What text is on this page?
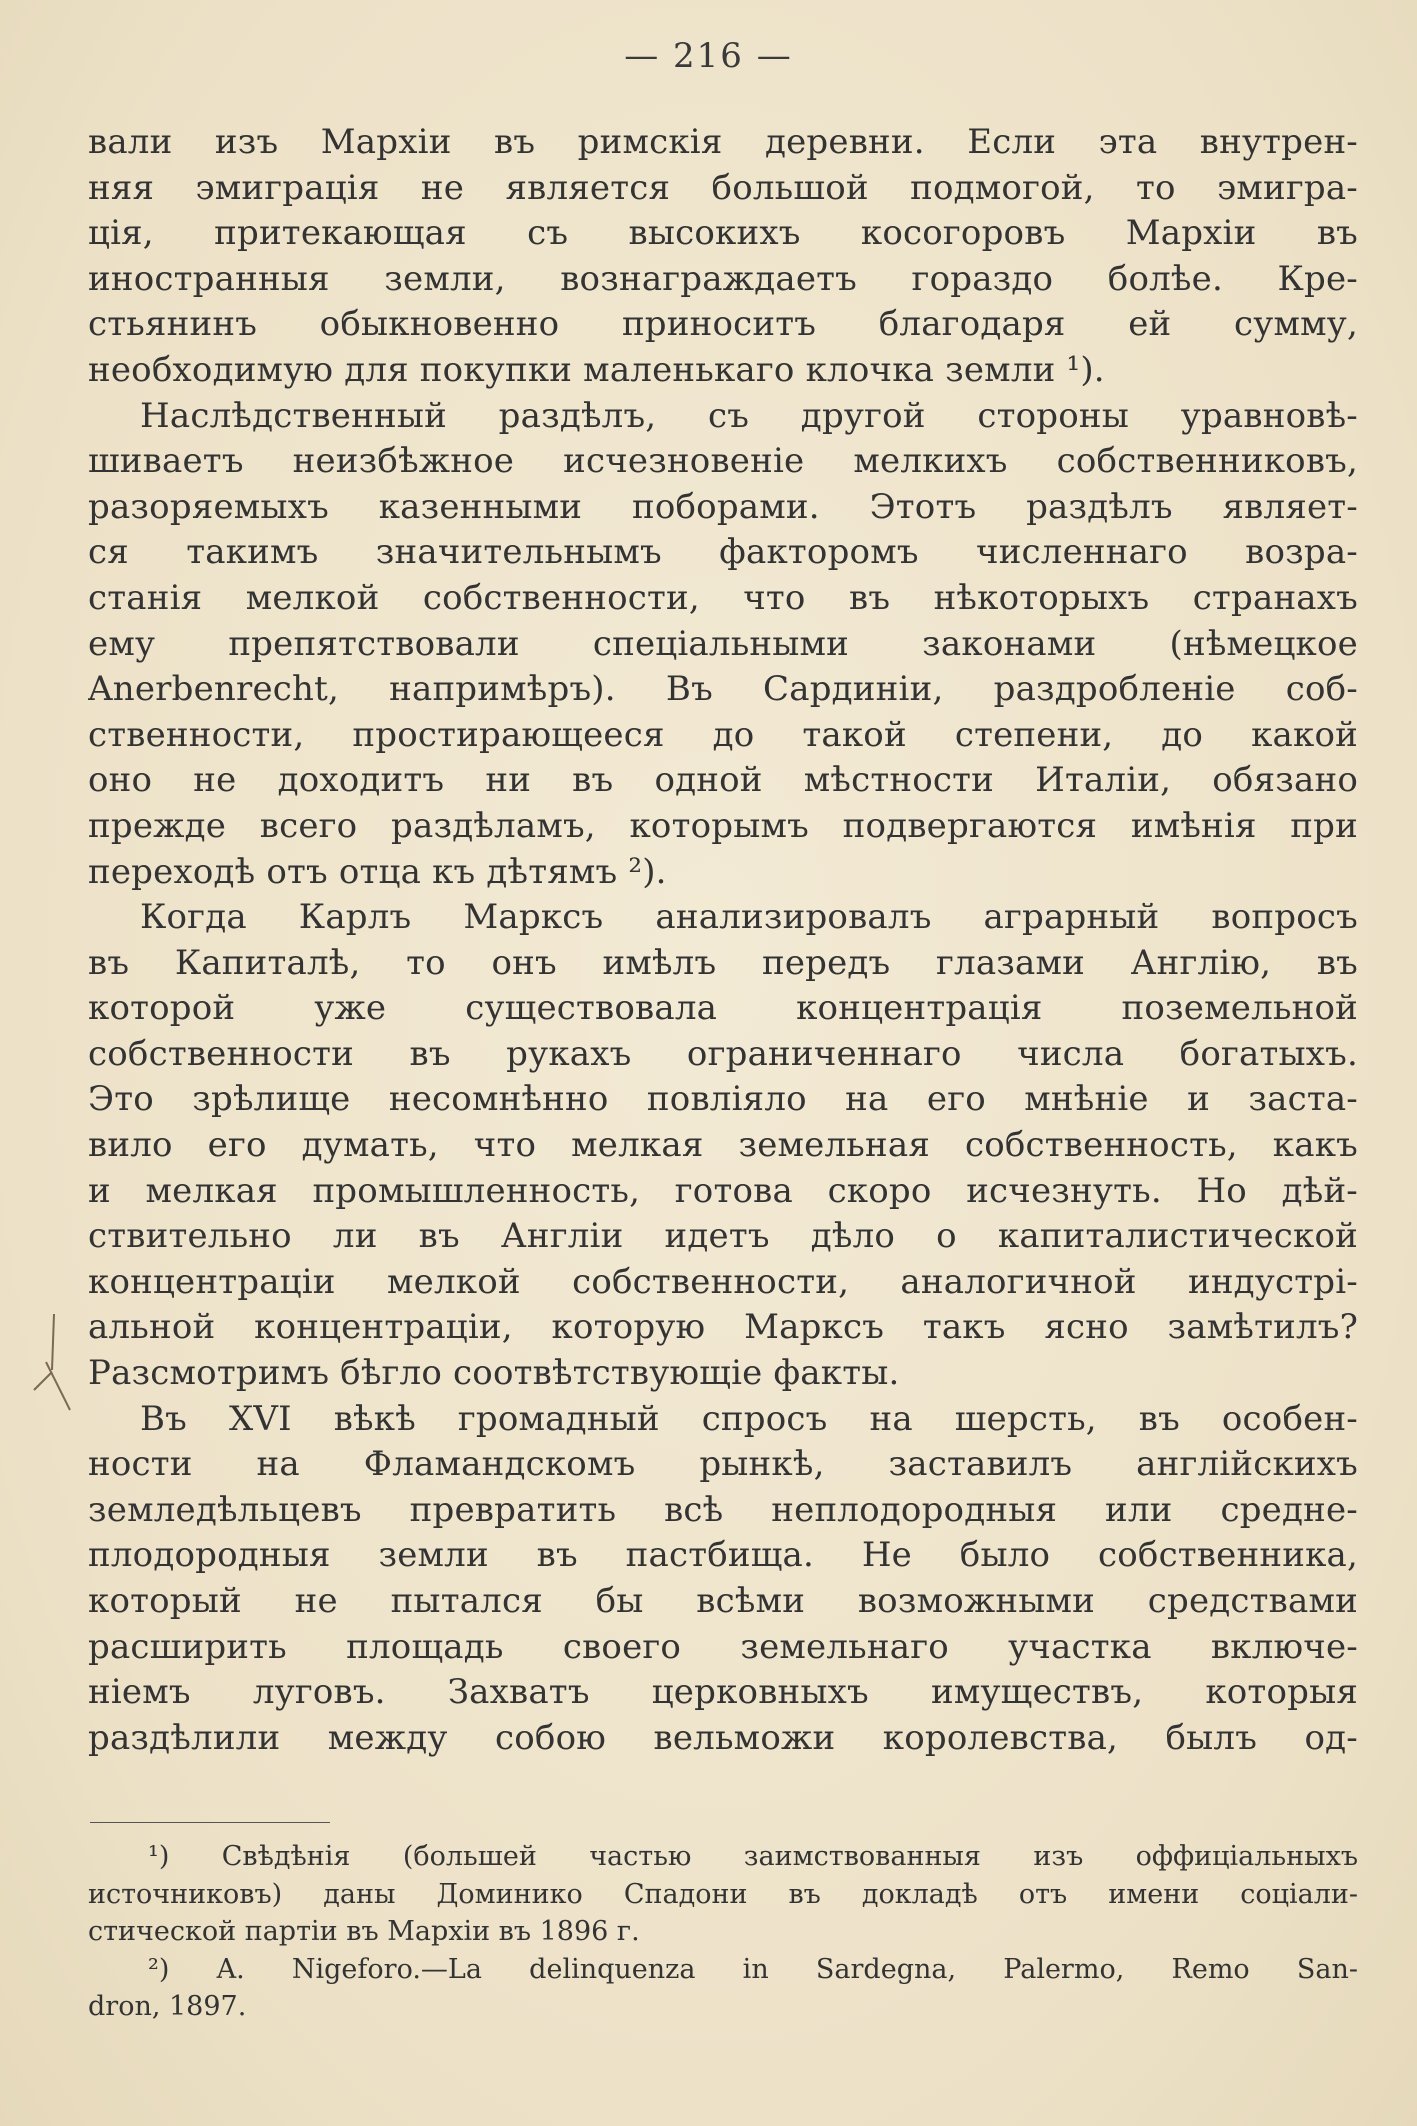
— 216 —
вали изъ Мархіи въ римскія деревни. Если эта внутрен-
няя эмиграція не является большой подмогой, то эмигра-
ція, притекающая съ высокихъ косогоровъ Мархіи въ
иностранныя земли, вознаграждаетъ гораздо болѣе. Кре-
стьянинъ обыкновенно приноситъ благодаря ей сумму,
необходимую для покупки маленькаго клочка земли ¹).
Наслѣдственный раздѣлъ, съ другой стороны уравновѣ-
шиваетъ неизбѣжное исчезновеніе мелкихъ собственниковъ,
разоряемыхъ казенными поборами. Этотъ раздѣлъ являет-
ся такимъ значительнымъ факторомъ численнаго возра-
станія мелкой собственности, что въ нѣкоторыхъ странахъ
ему препятствовали спеціальными законами (нѣмецкое
Anerbenrecht, напримѣръ). Въ Сардиніи, раздробленіе соб-
ственности, простирающееся до такой степени, до какой
оно не доходитъ ни въ одной мѣстности Италіи, обязано
прежде всего раздѣламъ, которымъ подвергаются имѣнія при
переходѣ отъ отца къ дѣтямъ ²).
Когда Карлъ Марксъ анализировалъ аграрный вопросъ
въ Капиталѣ, то онъ имѣлъ передъ глазами Англію, въ
которой уже существовала концентрація поземельной
собственности въ рукахъ ограниченнаго числа богатыхъ.
Это зрѣлище несомнѣнно повліяло на его мнѣніе и заста-
вило его думать, что мелкая земельная собственность, какъ
и мелкая промышленность, готова скоро исчезнуть. Но дѣй-
ствительно ли въ Англіи идетъ дѣло о капиталистической
концентраціи мелкой собственности, аналогичной индустрі-
альной концентраціи, которую Марксъ такъ ясно замѣтилъ?
Разсмотримъ бѣгло соотвѣтствующіе факты.
Въ XVI вѣкѣ громадный спросъ на шерсть, въ особен-
ности на Фламандскомъ рынкѣ, заставилъ англійскихъ
земледѣльцевъ превратить всѣ неплодородныя или средне-
плодородныя земли въ пастбища. Не было собственника,
который не пытался бы всѣми возможными средствами
расширить площадь своего земельнаго участка включе-
ніемъ луговъ. Захватъ церковныхъ имуществъ, которыя
раздѣлили между собою вельможи королевства, былъ од-
¹) Свѣдѣнія (большей частью заимствованныя изъ оффиціальныхъ
источниковъ) даны Доминико Спадони въ докладѣ отъ имени соціали-
стической партіи въ Мархіи въ 1896 г.
²) A. Nigeforo.—La delinquenza in Sardegna, Palermo, Remo San-
dron, 1897.
